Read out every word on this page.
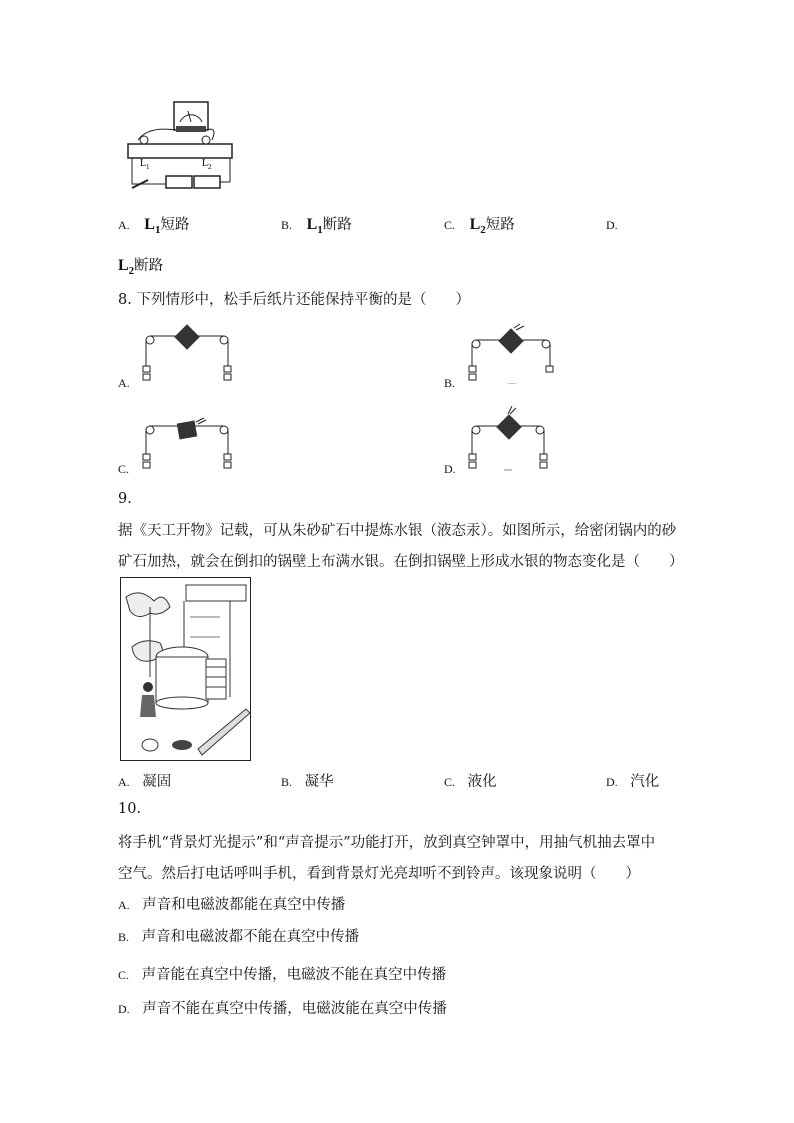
L 1	L 2
A. $L_1$短路	B. $L_1$断路	C. $L_2$短路	D.
$L_2$断路
8. 下列情形中，松手后纸片还能保持平衡的是（　　）
A.	B.
C.	D.
9.
据《天工开物》记载，可从朱砂矿石中提炼水银（液态汞）。如图所示，给密闭锅内的砂
矿石加热，就会在倒扣的锅壁上布满水银。在倒扣锅壁上形成水银的物态变化是（　　）
A. 凝固	B. 凝华	C. 液化	D. 汽化
10.
将手机“背景灯光提示”和“声音提示”功能打开，放到真空钟罩中，用抽气机抽去罩中
空气。然后打电话呼叫手机，看到背景灯光亮却听不到铃声。该现象说明（　　）
A. 声音和电磁波都能在真空中传播
B. 声音和电磁波都不能在真空中传播
C. 声音能在真空中传播，电磁波不能在真空中传播
D. 声音不能在真空中传播，电磁波能在真空中传播
